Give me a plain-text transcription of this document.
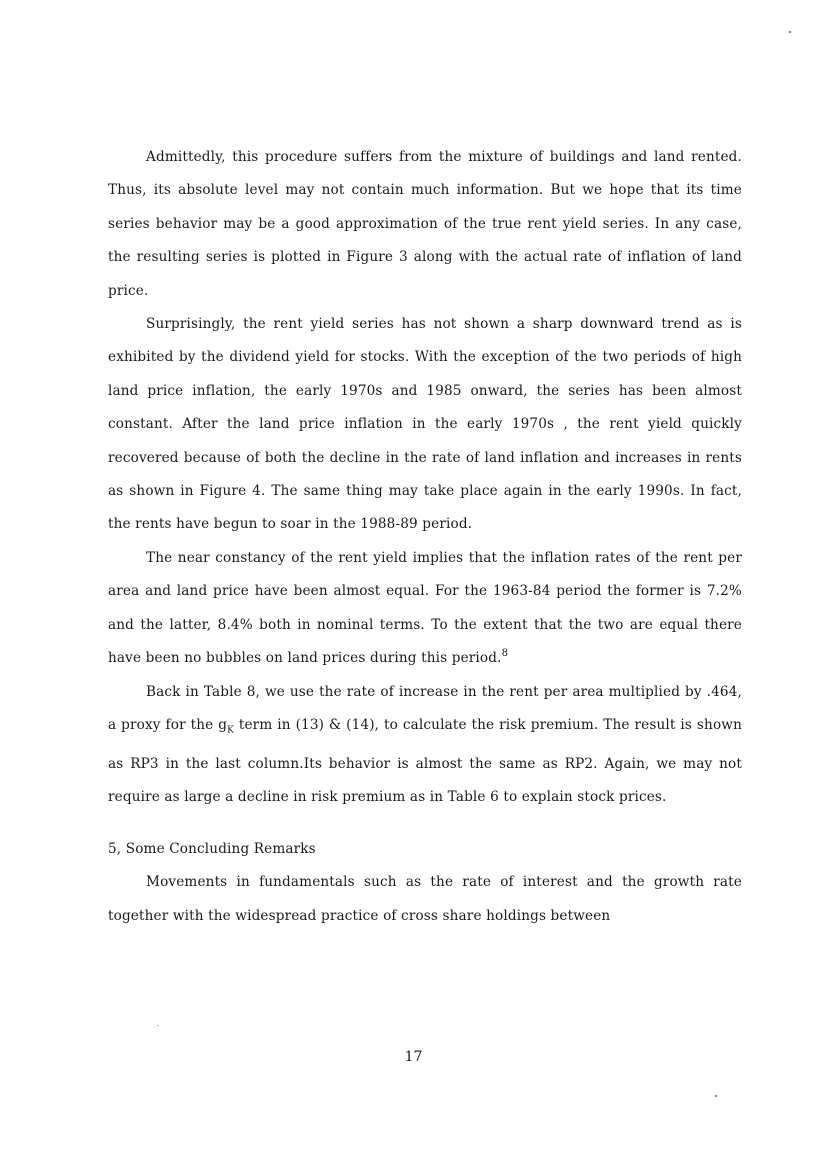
Admittedly, this procedure suffers from the mixture of buildings and land rented. Thus, its absolute level may not contain much information. But we hope that its time series behavior may be a good approximation of the true rent yield series. In any case, the resulting series is plotted in Figure 3 along with the actual rate of inflation of land price.

Surprisingly, the rent yield series has not shown a sharp downward trend as is exhibited by the dividend yield for stocks. With the exception of the two periods of high land price inflation, the early 1970s and 1985 onward, the series has been almost constant. After the land price inflation in the early 1970s , the rent yield quickly recovered because of both the decline in the rate of land inflation and increases in rents as shown in Figure 4. The same thing may take place again in the early 1990s. In fact, the rents have begun to soar in the 1988-89 period.

The near constancy of the rent yield implies that the inflation rates of the rent per area and land price have been almost equal. For the 1963-84 period the former is 7.2% and the latter, 8.4% both in nominal terms. To the extent that the two are equal there have been no bubbles on land prices during this period.$^8$

Back in Table 8, we use the rate of increase in the rent per area multiplied by .464, a proxy for the $g_K$ term in (13) & (14), to calculate the risk premium. The result is shown as RP3 in the last column.Its behavior is almost the same as RP2. Again, we may not require as large a decline in risk premium as in Table 6 to explain stock prices.

5, Some Concluding Remarks

Movements in fundamentals such as the rate of interest and the growth rate together with the widespread practice of cross share holdings between

17
